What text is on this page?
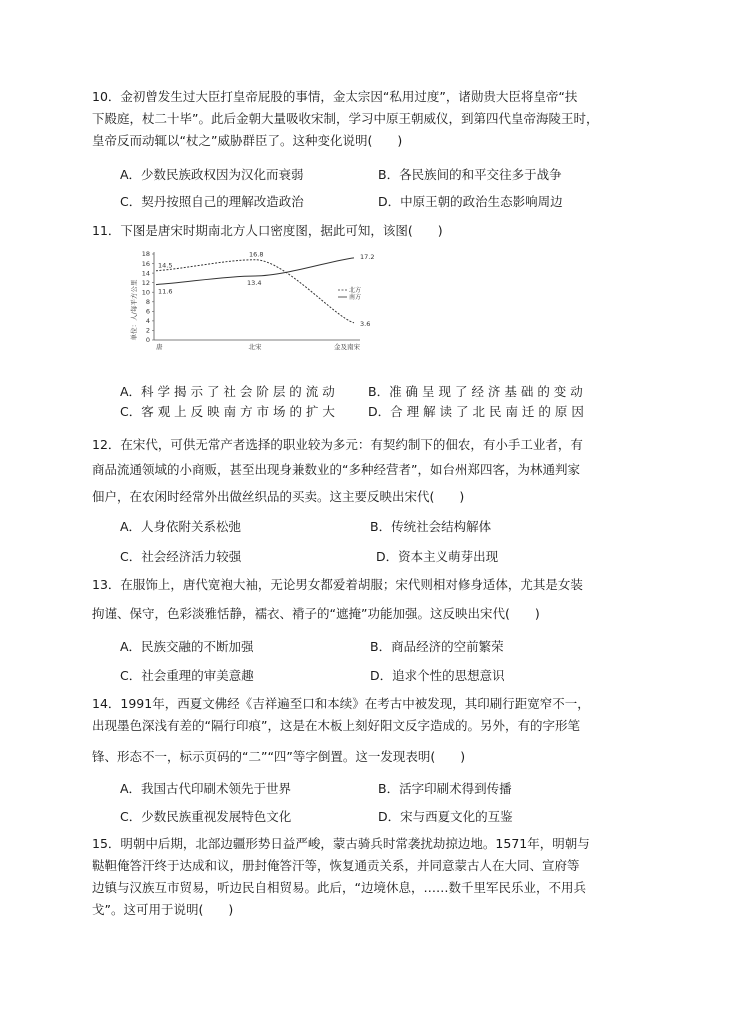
10．金初曾发生过大臣打皇帝屁股的事情，金太宗因“私用过度”，诸勋贵大臣将皇帝“扶
下殿庭，杖二十毕”。此后金朝大量吸收宋制，学习中原王朝威仪，到第四代皇帝海陵王时，
皇帝反而动辄以“杖之”威胁群臣了。这种变化说明(　　)
A．少数民族政权因为汉化而衰弱	B．各民族间的和平交往多于战争
C．契丹按照自己的理解改造政治	D．中原王朝的政治生态影响周边
11．下图是唐宋时期南北方人口密度图，据此可知，该图(　　)
单位：人/每平方公里 0
2
4
6
8
10
12
14
16
18
唐	北宋	金及南宋
14.5
16.8
3.6
11.6
13.4
17.2
北方
南方
A．科 学 揭 示 了 社 会 阶 层 的 流 动	B．准 确 呈 现 了 经 济 基 础 的 变 动
C．客 观 上 反 映 南 方 市 场 的 扩 大	D．合 理 解 读 了 北 民 南 迁 的 原 因
12．在宋代，可供无常产者选择的职业较为多元：有契约制下的佃农，有小手工业者，有
商品流通领域的小商贩，甚至出现身兼数业的“多种经营者”，如台州郑四客，为林通判家
佃户，在农闲时经常外出做丝织品的买卖。这主要反映出宋代(　　)
A．人身依附关系松弛	B．传统社会结构解体
C．社会经济活力较强	D．资本主义萌芽出现
13．在服饰上，唐代宽袍大袖，无论男女都爱着胡服；宋代则相对修身适体，尤其是女装
拘谨、保守，色彩淡雅恬静，襦衣、褙子的“遮掩”功能加强。这反映出宋代(　　)
A．民族交融的不断加强	B．商品经济的空前繁荣
C．社会重理的审美意趣	D．追求个性的思想意识
14．1991年，西夏文佛经《吉祥遍至口和本续》在考古中被发现，其印刷行距宽窄不一，
出现墨色深浅有差的“隔行印痕”，这是在木板上刻好阳文反字造成的。另外，有的字形笔
锋、形态不一，标示页码的“二”“四”等字倒置。这一发现表明(　　)
A．我国古代印刷术领先于世界	B．活字印刷术得到传播
C．少数民族重视发展特色文化	D．宋与西夏文化的互鉴
15．明朝中后期，北部边疆形势日益严峻，蒙古骑兵时常袭扰劫掠边地。1571年，明朝与
鞑靼俺答汗终于达成和议，册封俺答汗等，恢复通贡关系，并同意蒙古人在大同、宣府等
边镇与汉族互市贸易，听边民自相贸易。此后，“边境休息，……数千里军民乐业，不用兵
戈”。这可用于说明(　　)
